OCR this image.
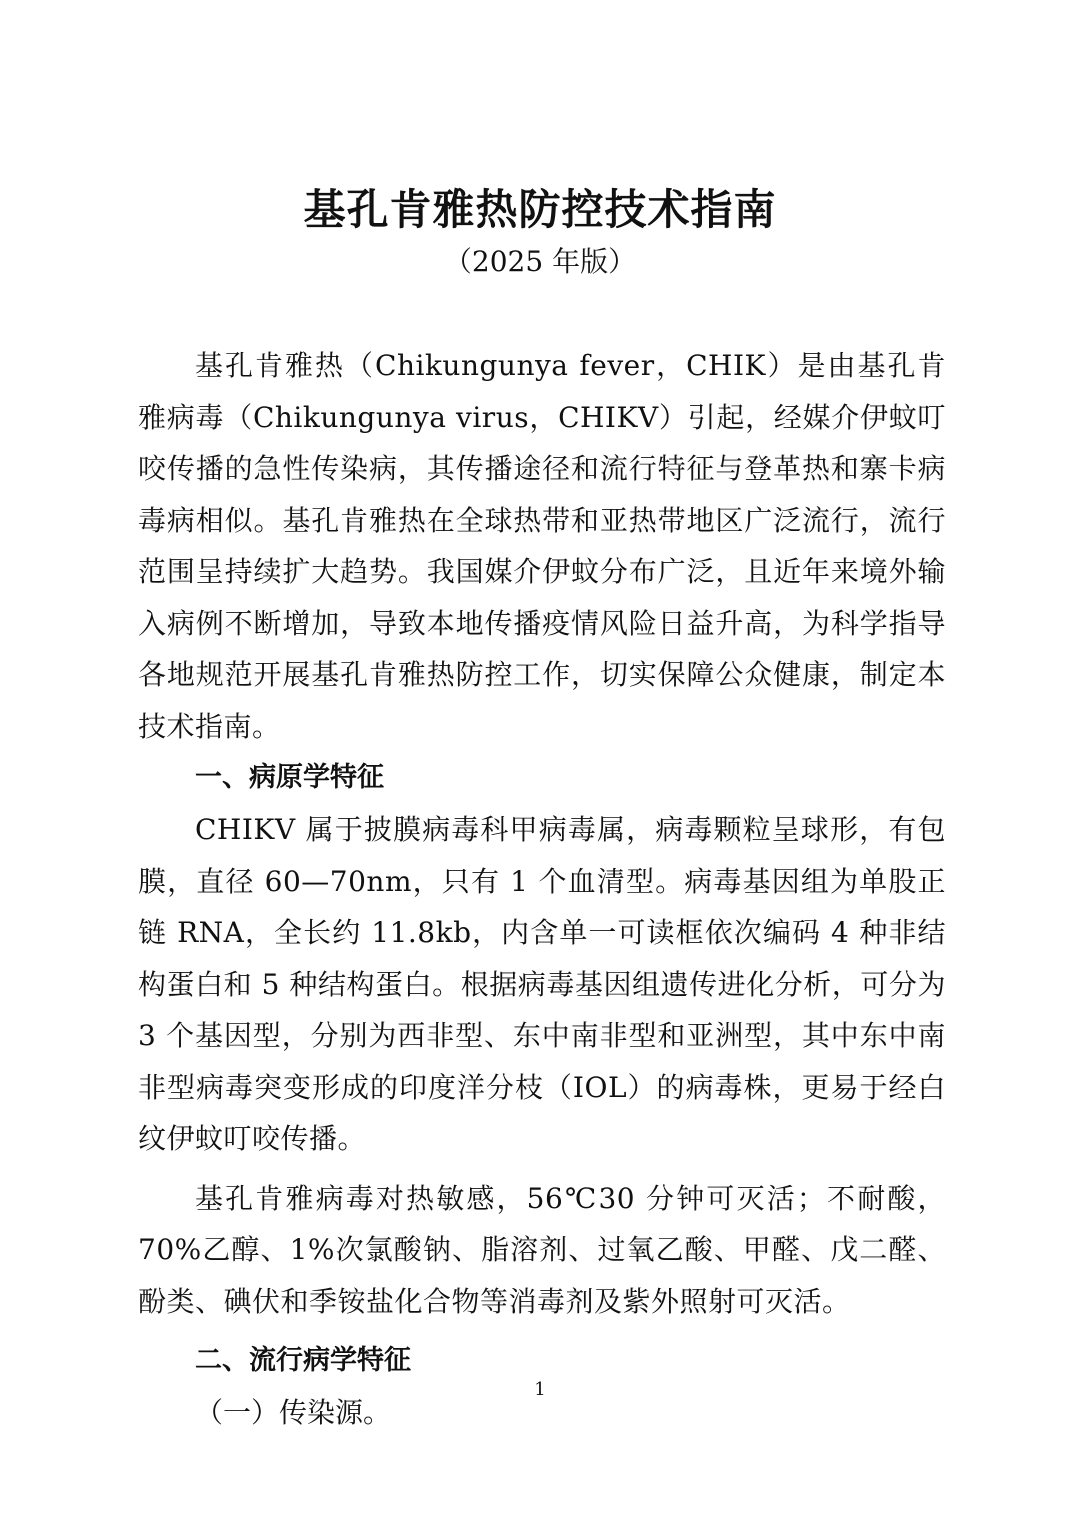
基孔肯雅热防控技术指南
（2025 年版）

基孔肯雅热（Chikungunya fever，CHIK）是由基孔肯雅病毒（Chikungunya virus，CHIKV）引起，经媒介伊蚊叮咬传播的急性传染病，其传播途径和流行特征与登革热和寨卡病毒病相似。基孔肯雅热在全球热带和亚热带地区广泛流行，流行范围呈持续扩大趋势。我国媒介伊蚊分布广泛，且近年来境外输入病例不断增加，导致本地传播疫情风险日益升高，为科学指导各地规范开展基孔肯雅热防控工作，切实保障公众健康，制定本技术指南。

一、病原学特征

CHIKV 属于披膜病毒科甲病毒属，病毒颗粒呈球形，有包膜，直径 60—70nm，只有 1 个血清型。病毒基因组为单股正链 RNA，全长约 11.8kb，内含单一可读框依次编码 4 种非结构蛋白和 5 种结构蛋白。根据病毒基因组遗传进化分析，可分为 3 个基因型，分别为西非型、东中南非型和亚洲型，其中东中南非型病毒突变形成的印度洋分枝（IOL）的病毒株，更易于经白纹伊蚊叮咬传播。

基孔肯雅病毒对热敏感，56℃30 分钟可灭活；不耐酸，70%乙醇、1%次氯酸钠、脂溶剂、过氧乙酸、甲醛、戊二醛、酚类、碘伏和季铵盐化合物等消毒剂及紫外照射可灭活。

二、流行病学特征
（一）传染源。
1
